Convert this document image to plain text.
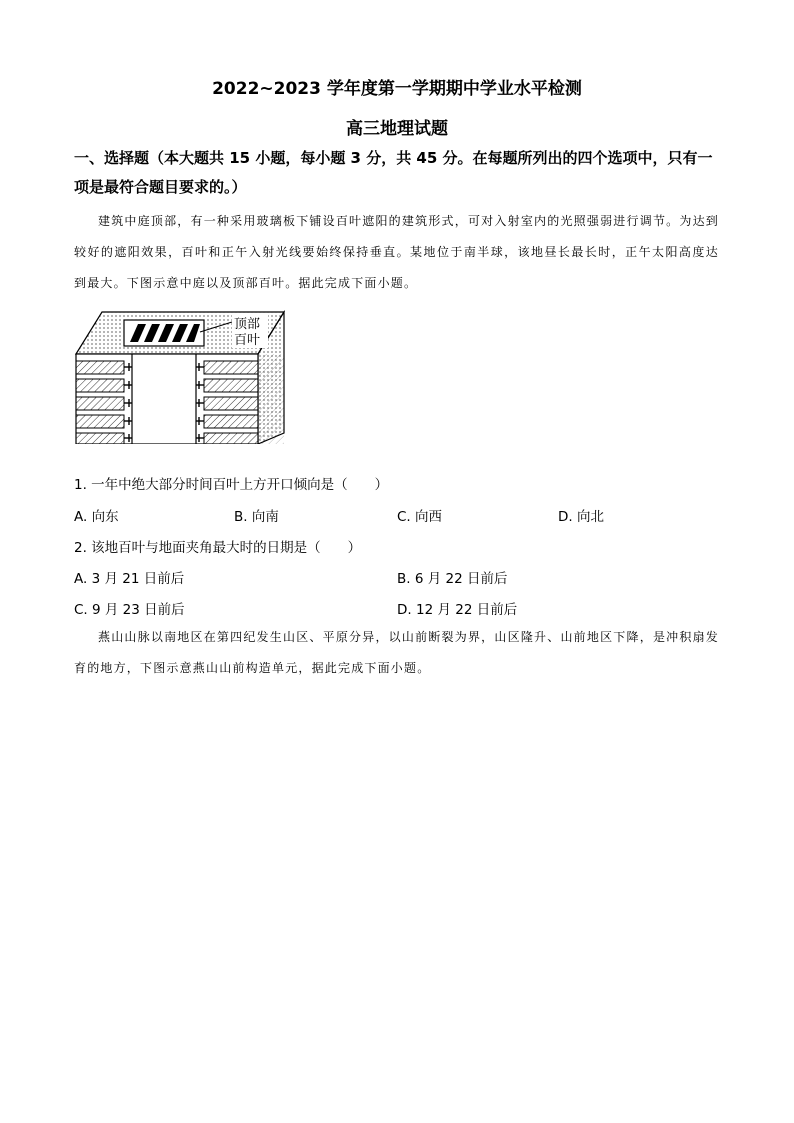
2022~2023 学年度第一学期期中学业水平检测
高三地理试题
一、选择题（本大题共 15 小题，每小题 3 分，共 45 分。在每题所列出的四个选项中，只有一项是最符合题目要求的。）
建筑中庭顶部，有一种采用玻璃板下铺设百叶遮阳的建筑形式，可对入射室内的光照强弱进行调节。为达到较好的遮阳效果，百叶和正午入射光线要始终保持垂直。某地位于南半球，该地昼长最长时，正午太阳高度达到最大。下图示意中庭以及顶部百叶。据此完成下面小题。
顶部
百叶
1. 一年中绝大部分时间百叶上方开口倾向是（　　）
A. 向东	B. 向南	C. 向西	D. 向北
2. 该地百叶与地面夹角最大时的日期是（　　）
A. 3 月 21 日前后	B. 6 月 22 日前后
C. 9 月 23 日前后	D. 12 月 22 日前后
燕山山脉以南地区在第四纪发生山区、平原分异，以山前断裂为界，山区隆升、山前地区下降，是冲积扇发育的地方，下图示意燕山山前构造单元，据此完成下面小题。
